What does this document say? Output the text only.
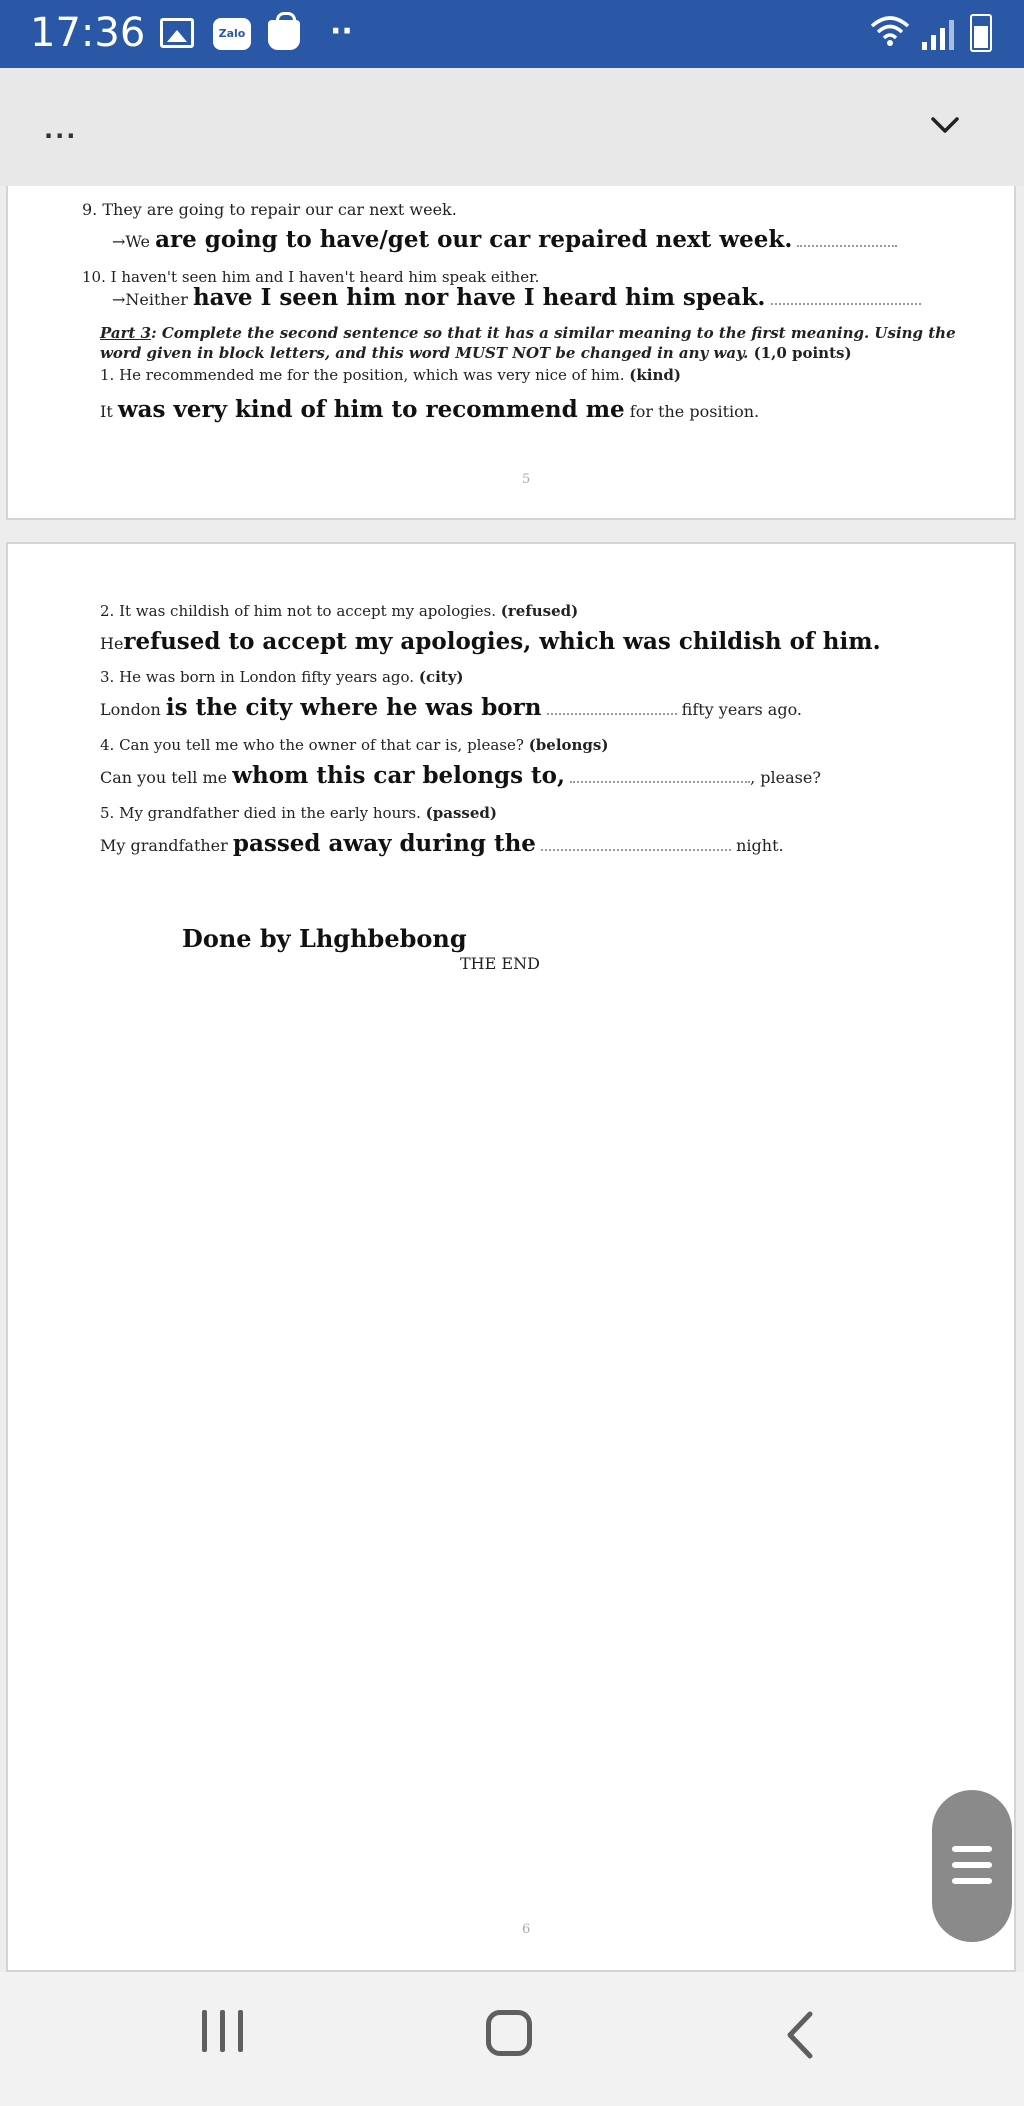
17:36	Zalo	··
···
9. They are going to repair our car next week.
→We are going to have/get our car repaired next week.
10. I haven't seen him and I haven't heard him speak either.
→Neither have I seen him nor have I heard him speak.
Part 3: Complete the second sentence so that it has a similar meaning to the first meaning. Using the
word given in block letters, and this word MUST NOT be changed in any way. (1,0 points)
1. He recommended me for the position, which was very nice of him. (kind)
It was very kind of him to recommend me for the position.
5
2. It was childish of him not to accept my apologies. (refused)
Herefused to accept my apologies, which was childish of him.
3. He was born in London fifty years ago. (city)
London is the city where he was born	fifty years ago.
4. Can you tell me who the owner of that car is, please? (belongs)
Can you tell me whom this car belongs to,	, please?
5. My grandfather died in the early hours. (passed)
My grandfather passed away during the	night.
Done by Lhghbebong
THE END
6
